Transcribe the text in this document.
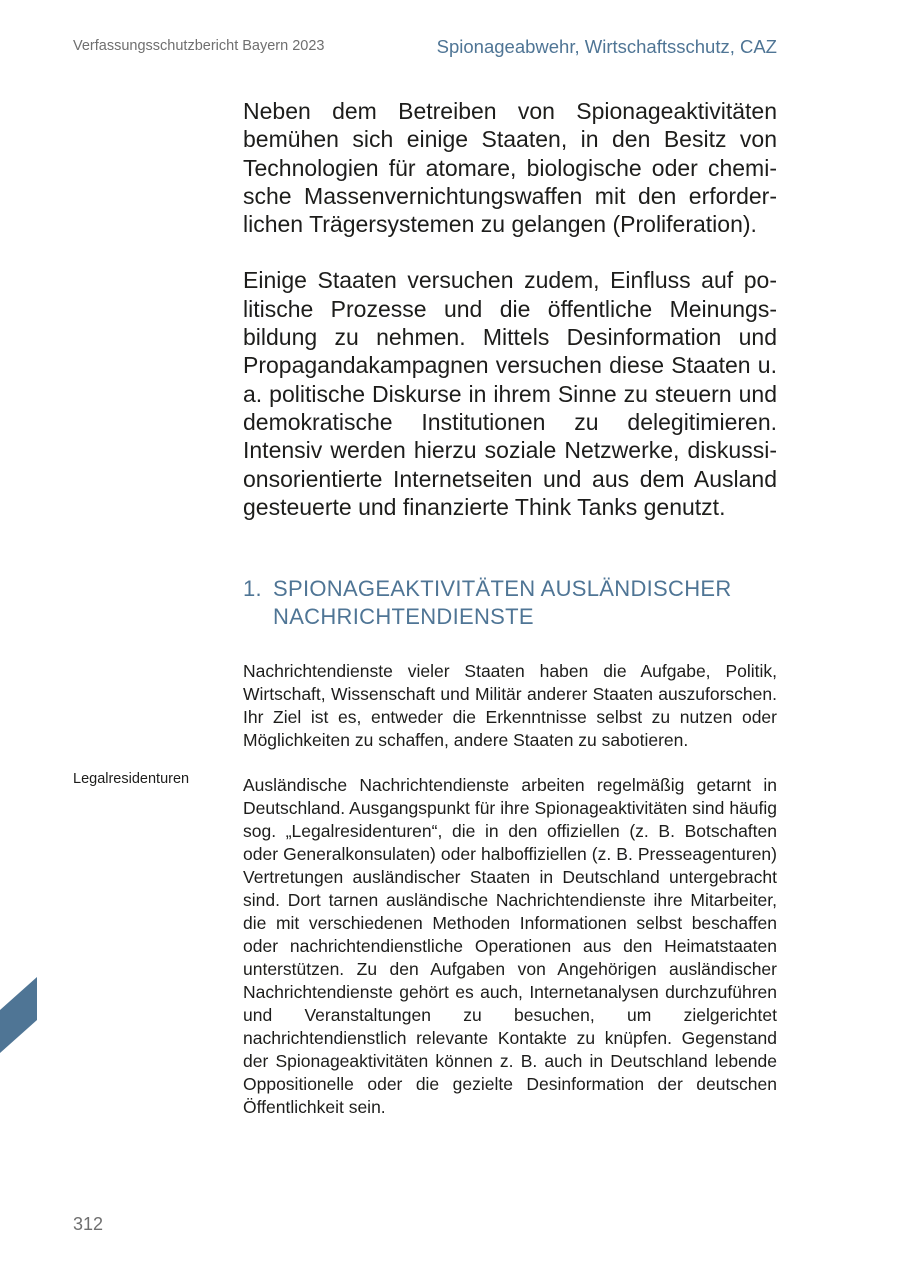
Verfassungsschutzbericht Bayern 2023	Spionageabwehr, Wirtschaftsschutz, CAZ

Neben dem Betreiben von Spionageaktivitäten bemühen sich einige Staaten, in den Besitz von Technologien für atomare, biologische oder chemische Massenvernichtungswaffen mit den erforderlichen Trägersystemen zu gelangen (Proliferation).

Einige Staaten versuchen zudem, Einfluss auf politische Prozesse und die öffentliche Meinungsbildung zu nehmen. Mittels Desinformation und Propagandakampagnen versuchen diese Staaten u. a. politische Diskurse in ihrem Sinne zu steuern und demokratische Institutionen zu delegitimieren. Intensiv werden hierzu soziale Netzwerke, diskussionsorientierte Internetseiten und aus dem Ausland gesteuerte und finanzierte Think Tanks genutzt.

1. SPIONAGEAKTIVITÄTEN AUSLÄNDISCHER NACHRICHTENDIENSTE

Nachrichtendienste vieler Staaten haben die Aufgabe, Politik, Wirtschaft, Wissenschaft und Militär anderer Staaten auszuforschen. Ihr Ziel ist es, entweder die Erkenntnisse selbst zu nutzen oder Möglichkeiten zu schaffen, andere Staaten zu sabotieren.

Ausländische Nachrichtendienste arbeiten regelmäßig getarnt in Deutschland. Ausgangspunkt für ihre Spionageaktivitäten sind häufig sog. „Legalresidenturen“, die in den offiziellen (z. B. Botschaften oder Generalkonsulaten) oder halboffiziellen (z. B. Presseagenturen) Vertretungen ausländischer Staaten in Deutschland untergebracht sind. Dort tarnen ausländische Nachrichtendienste ihre Mitarbeiter, die mit verschiedenen Methoden Informationen selbst beschaffen oder nachrichtendienstliche Operationen aus den Heimatstaaten unterstützen. Zu den Aufgaben von Angehörigen ausländischer Nachrichtendienste gehört es auch, Internetanalysen durchzuführen und Veranstaltungen zu besuchen, um zielgerichtet nachrichtendienstlich relevante Kontakte zu knüpfen. Gegenstand der Spionageaktivitäten können z. B. auch in Deutschland lebende Oppositionelle oder die gezielte Desinformation der deutschen Öffentlichkeit sein.

Legalresidenturen
312
